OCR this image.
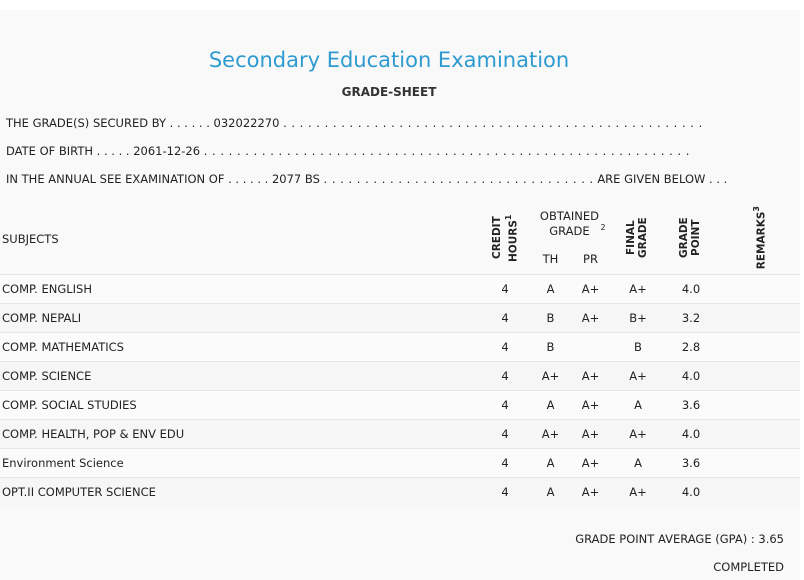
Secondary Education Examination
GRADE-SHEET
THE GRADE(S) SECURED BY . . . . . . 032022270 . . . . . . . . . . . . . . . . . . . . . . . . . . . . . . . . . . . . . . . . . . . . . . . . . . .
DATE OF BIRTH . . . . . 2061-12-26 . . . . . . . . . . . . . . . . . . . . . . . . . . . . . . . . . . . . . . . . . . . . . . . . . . . . . . . . . . .
IN THE ANNUAL SEE EXAMINATION OF . . . . . . 2077 BS . . . . . . . . . . . . . . . . . . . . . . . . . . . . . . . . . ARE GIVEN BELOW . . .
SUBJECTS	CREDIT HOURS$^1$	OBTAINED GRADE $^2$		FINAL GRADE	GRADE POINT	REMARKS$^3$
		TH	PR			
COMP. ENGLISH	4	A	A+	A+	4.0	
COMP. NEPALI	4	B	A+	B+	3.2	
COMP. MATHEMATICS	4	B		B	2.8	
COMP. SCIENCE	4	A+	A+	A+	4.0	
COMP. SOCIAL STUDIES	4	A	A+	A	3.6	
COMP. HEALTH, POP & ENV EDU	4	A+	A+	A+	4.0	
Environment Science	4	A	A+	A	3.6	
OPT.II COMPUTER SCIENCE	4	A	A+	A+	4.0	
GRADE POINT AVERAGE (GPA) : 3.65
COMPLETED
